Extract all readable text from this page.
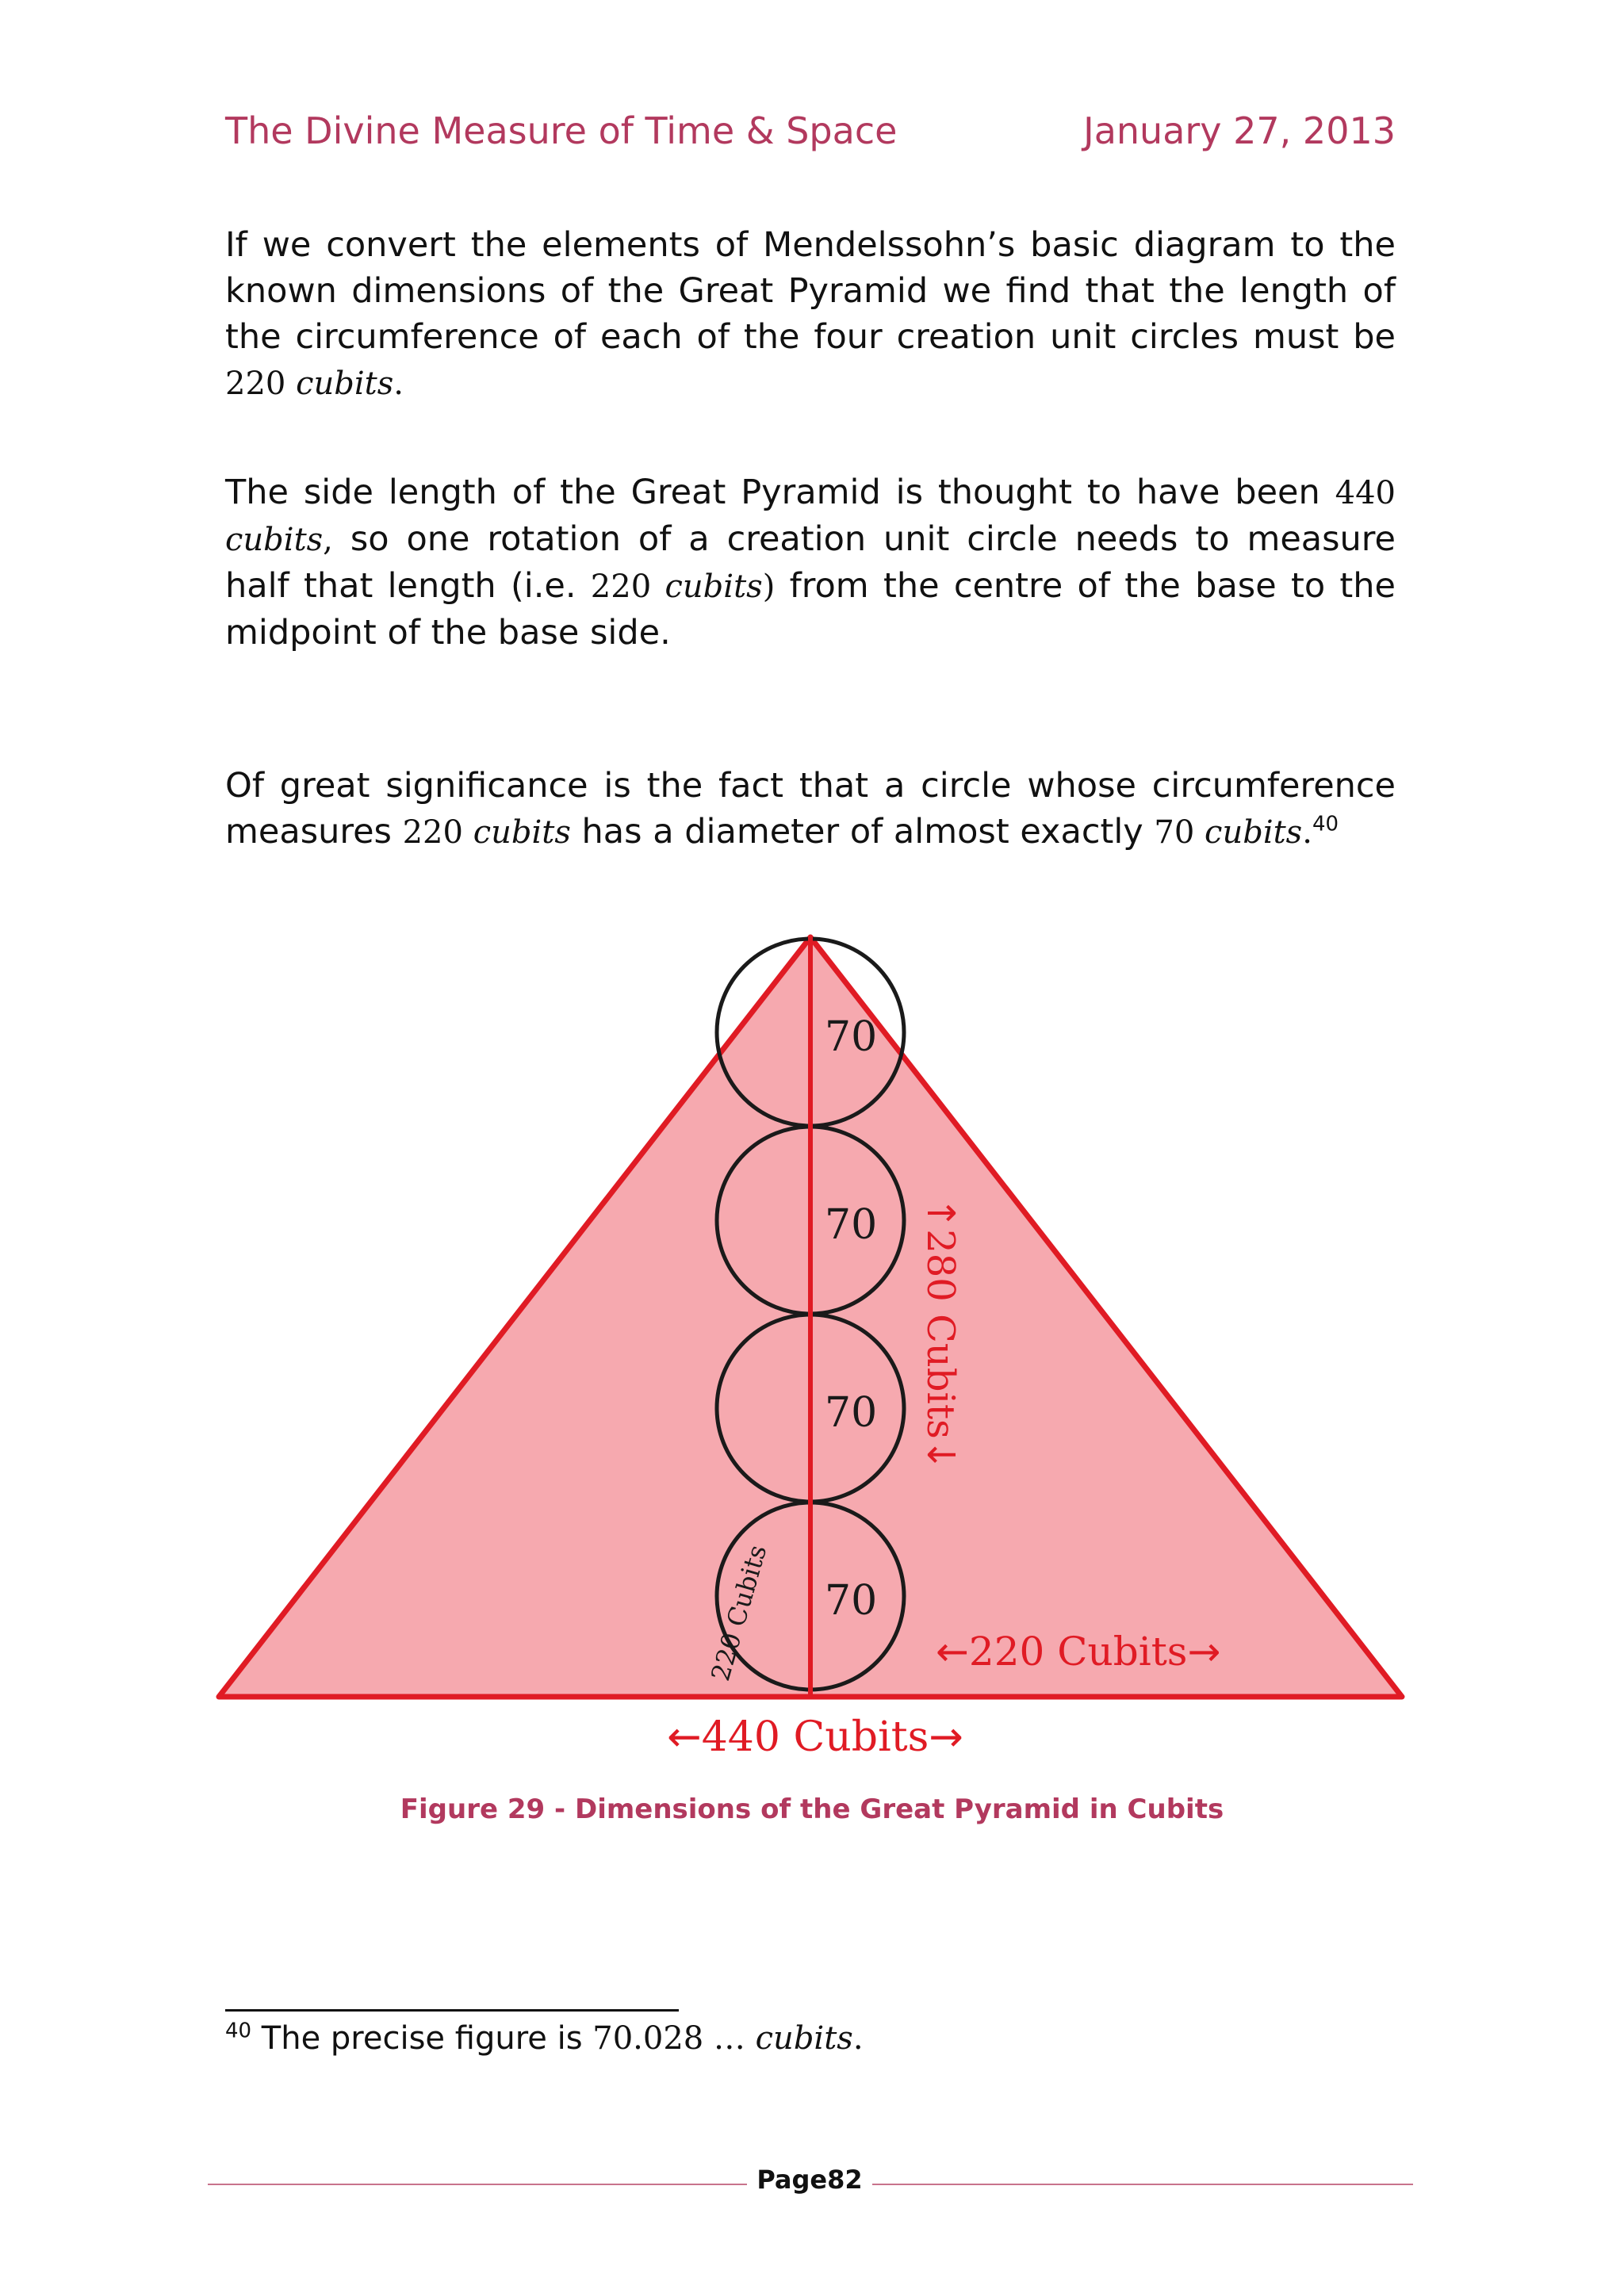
The Divine Measure of Time & Space	January 27, 2013
If we convert the elements of Mendelssohn’s basic diagram to the known dimensions of the Great Pyramid we find that the length of the circumference of each of the four creation unit circles must be 220 cubits.
The side length of the Great Pyramid is thought to have been 440 cubits, so one rotation of a creation unit circle needs to measure half that length (i.e. 220 cubits) from the centre of the base to the midpoint of the base side.
Of great significance is the fact that a circle whose circumference measures 220 cubits has a diameter of almost exactly 70 cubits.$^{40}$
70
70
70
70
↑280 Cubits↓
←220 Cubits→
←440 Cubits→
220 Cubits
Figure 29 - Dimensions of the Great Pyramid in Cubits
$^{40}$ The precise figure is 70.028 … cubits.
Page82
